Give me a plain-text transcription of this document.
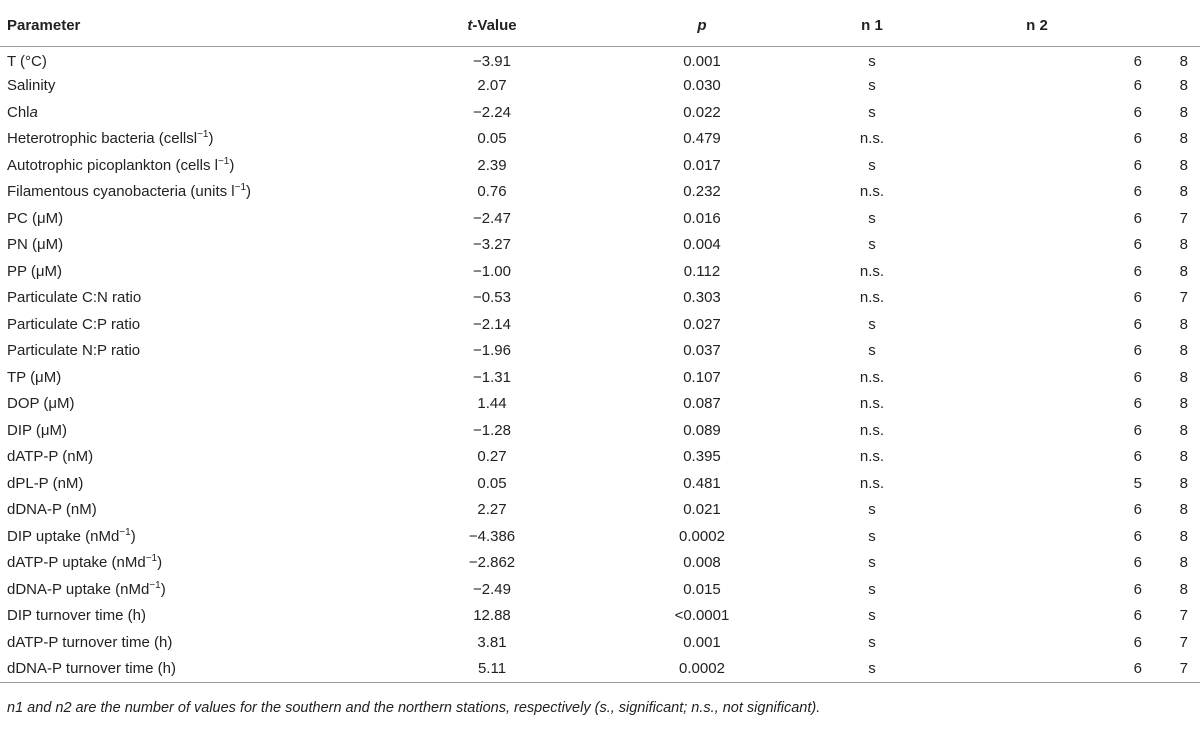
Parameter	t-Value	p	n 1	n 2	
T (°C)	−3.91	0.001	s	6	8
Salinity	2.07	0.030	s	6	8
Chla	−2.24	0.022	s	6	8
Heterotrophic bacteria (cellsl$^{-1}$)	0.05	0.479	n.s.	6	8
Autotrophic picoplankton (cells $l^{-1}$)	2.39	0.017	s	6	8
Filamentous cyanobacteria (units $l^{-1}$)	0.76	0.232	n.s.	6	8
PC (μM)	−2.47	0.016	s	6	7
PN (μM)	−3.27	0.004	s	6	8
PP (μM)	−1.00	0.112	n.s.	6	8
Particulate C:N ratio	−0.53	0.303	n.s.	6	7
Particulate C:P ratio	−2.14	0.027	s	6	8
Particulate N:P ratio	−1.96	0.037	s	6	8
TP (μM)	−1.31	0.107	n.s.	6	8
DOP (μM)	1.44	0.087	n.s.	6	8
DIP (μM)	−1.28	0.089	n.s.	6	8
dATP-P (nM)	0.27	0.395	n.s.	6	8
dPL-P (nM)	0.05	0.481	n.s.	5	8
dDNA-P (nM)	2.27	0.021	s	6	8
DIP uptake (nMd$^{-1}$)	−4.386	0.0002	s	6	8
dATP-P uptake (nMd$^{-1}$)	−2.862	0.008	s	6	8
dDNA-P uptake (nMd$^{-1}$)	−2.49	0.015	s	6	8
DIP turnover time (h)	12.88	<0.0001	s	6	7
dATP-P turnover time (h)	3.81	0.001	s	6	7
dDNA-P turnover time (h)	5.11	0.0002	s	6	7
n1 and n2 are the number of values for the southern and the northern stations, respectively (s., significant; n.s., not significant).
